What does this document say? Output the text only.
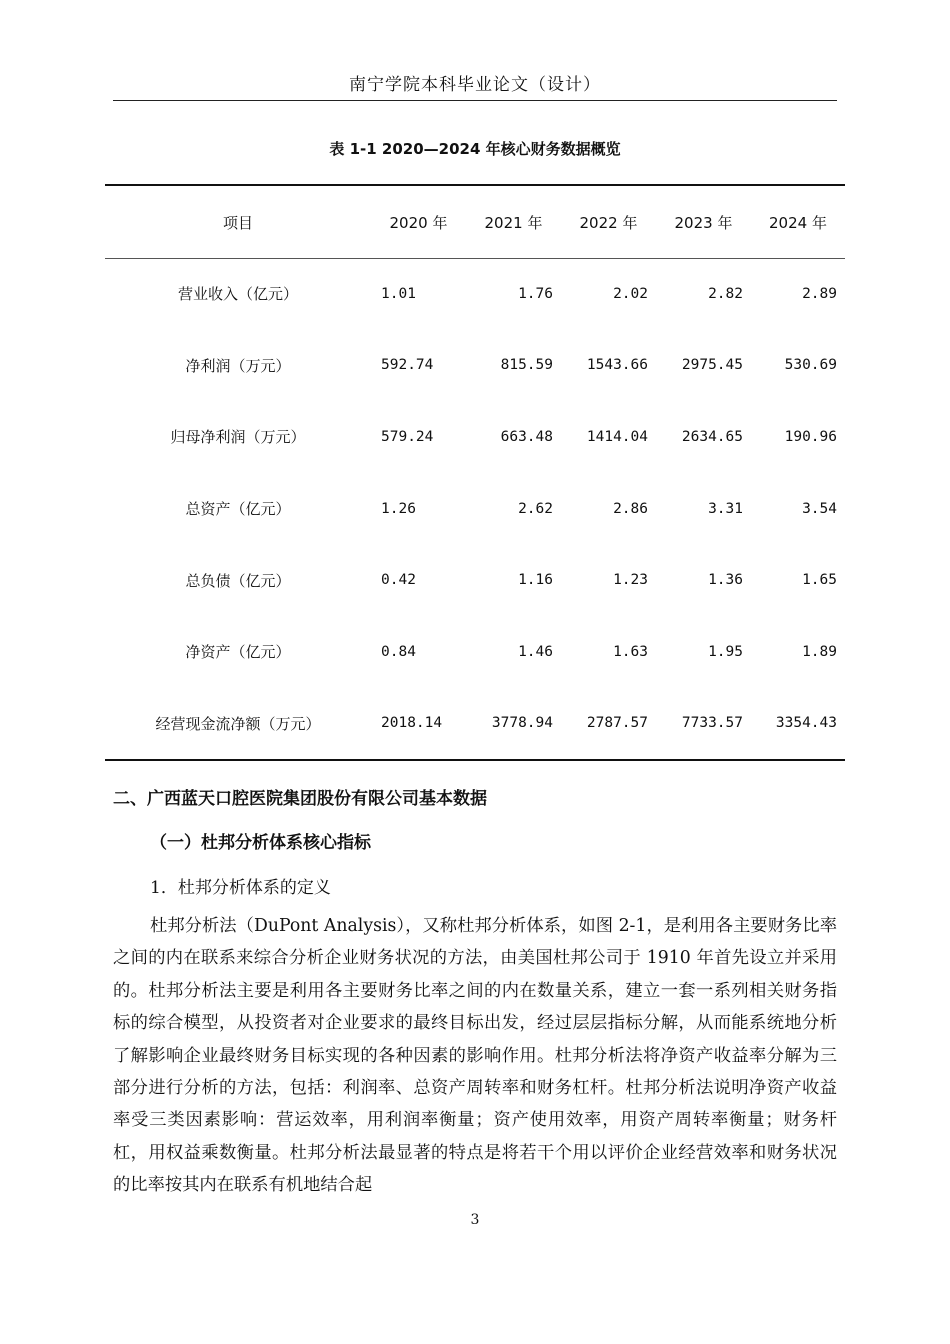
南宁学院本科毕业论文（设计）
表 1-1 2020—2024 年核心财务数据概览
项目	2020 年	2021 年	2022 年	2023 年	2024 年
营业收入（亿元）	1.01	1.76	2.02	2.82	2.89
净利润（万元）	592.74	815.59	1543.66	2975.45	530.69
归母净利润（万元）	579.24	663.48	1414.04	2634.65	190.96
总资产（亿元）	1.26	2.62	2.86	3.31	3.54
总负债（亿元）	0.42	1.16	1.23	1.36	1.65
净资产（亿元）	0.84	1.46	1.63	1.95	1.89
经营现金流净额（万元）	2018.14	3778.94	2787.57	7733.57	3354.43
二、广西蓝天口腔医院集团股份有限公司基本数据
（一）杜邦分析体系核心指标
1．杜邦分析体系的定义
杜邦分析法（DuPont Analysis），又称杜邦分析体系，如图 2-1，是利用各主要财务比率之间的内在联系来综合分析企业财务状况的方法，由美国杜邦公司于 1910 年首先设立并采用的。杜邦分析法主要是利用各主要财务比率之间的内在数量关系，建立一套一系列相关财务指标的综合模型，从投资者对企业要求的最终目标出发，经过层层指标分解，从而能系统地分析了解影响企业最终财务目标实现的各种因素的影响作用。杜邦分析法将净资产收益率分解为三部分进行分析的方法，包括：利润率、总资产周转率和财务杠杆。杜邦分析法说明净资产收益率受三类因素影响：营运效率，用利润率衡量；资产使用效率，用资产周转率衡量；财务杆杠，用权益乘数衡量。杜邦分析法最显著的特点是将若干个用以评价企业经营效率和财务状况的比率按其内在联系有机地结合起
3
